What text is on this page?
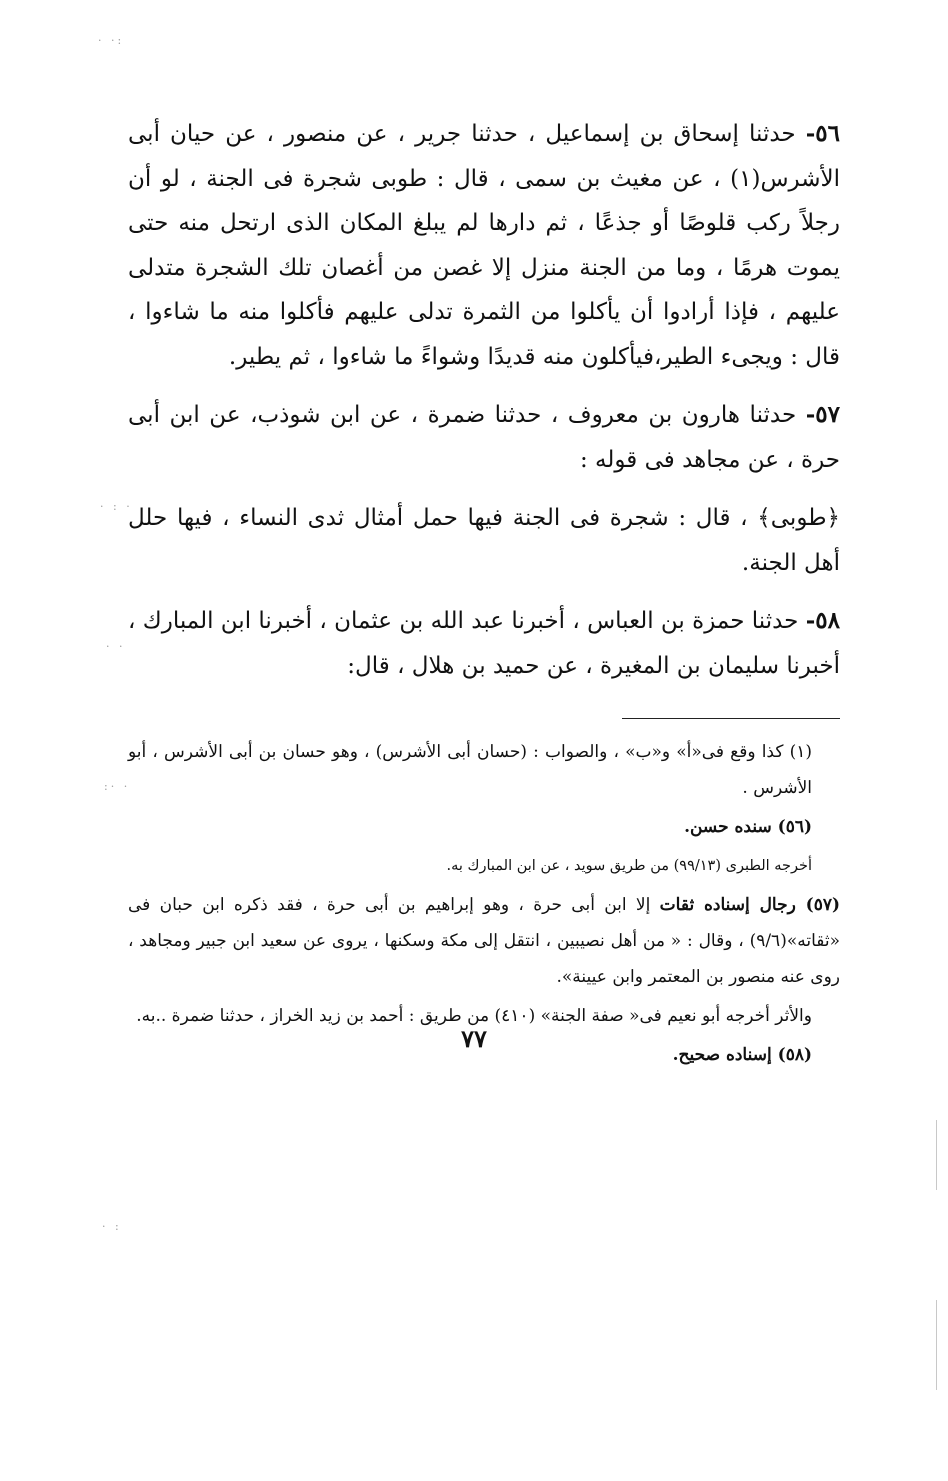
· ·:
· : ·
· ·
:· ·
· :

٥٦- حدثنا إسحاق بن إسماعيل ، حدثنا جرير ، عن منصور ، عن حيان أبى الأشرس(١) ، عن مغيث بن سمى ، قال : طوبى شجرة فى الجنة ، لو أن رجلاً ركب قلوصًا أو جذعًا ، ثم دارها لم يبلغ المكان الذى ارتحل منه حتى يموت هرمًا ، وما من الجنة منزل إلا غصن من أغصان تلك الشجرة متدلى عليهم ، فإذا أرادوا أن يأكلوا من الثمرة تدلى عليهم فأكلوا منه ما شاءوا ، قال : ويجىء الطير،فيأكلون منه قديدًا وشواءً ما شاءوا ، ثم يطير.

٥٧- حدثنا هارون بن معروف ، حدثنا ضمرة ، عن ابن شوذب، عن ابن أبى حرة ، عن مجاهد فى قوله :

﴿طوبى﴾ ، قال : شجرة فى الجنة فيها حمل أمثال ثدى النساء ، فيها حلل أهل الجنة.

٥٨- حدثنا حمزة بن العباس ، أخبرنا عبد الله بن عثمان ، أخبرنا ابن المبارك ، أخبرنا سليمان بن المغيرة ، عن حميد بن هلال ، قال:

(١) كذا وقع فى«أ» و«ب» ، والصواب : (حسان أبى الأشرس) ، وهو حسان بن أبى الأشرس ، أبو الأشرس .

(٥٦) سنده حسن.

أخرجه الطبرى (٩٩/١٣) من طريق سويد ، عن ابن المبارك به.

(٥٧) رجال إسناده ثقات إلا ابن أبى حرة ، وهو إبراهيم بن أبى حرة ، فقد ذكره ابن حبان فى «ثقاته»(٩/٦) ، وقال : « من أهل نصيبين ، انتقل إلى مكة وسكنها ، يروى عن سعيد ابن جبير ومجاهد ، روى عنه منصور بن المعتمر وابن عيينة».

والأثر أخرجه أبو نعيم فى« صفة الجنة» (٤١٠) من طريق : أحمد بن زيد الخراز ، حدثنا ضمرة ..به.

(٥٨) إسناده صحيح.

٧٧
